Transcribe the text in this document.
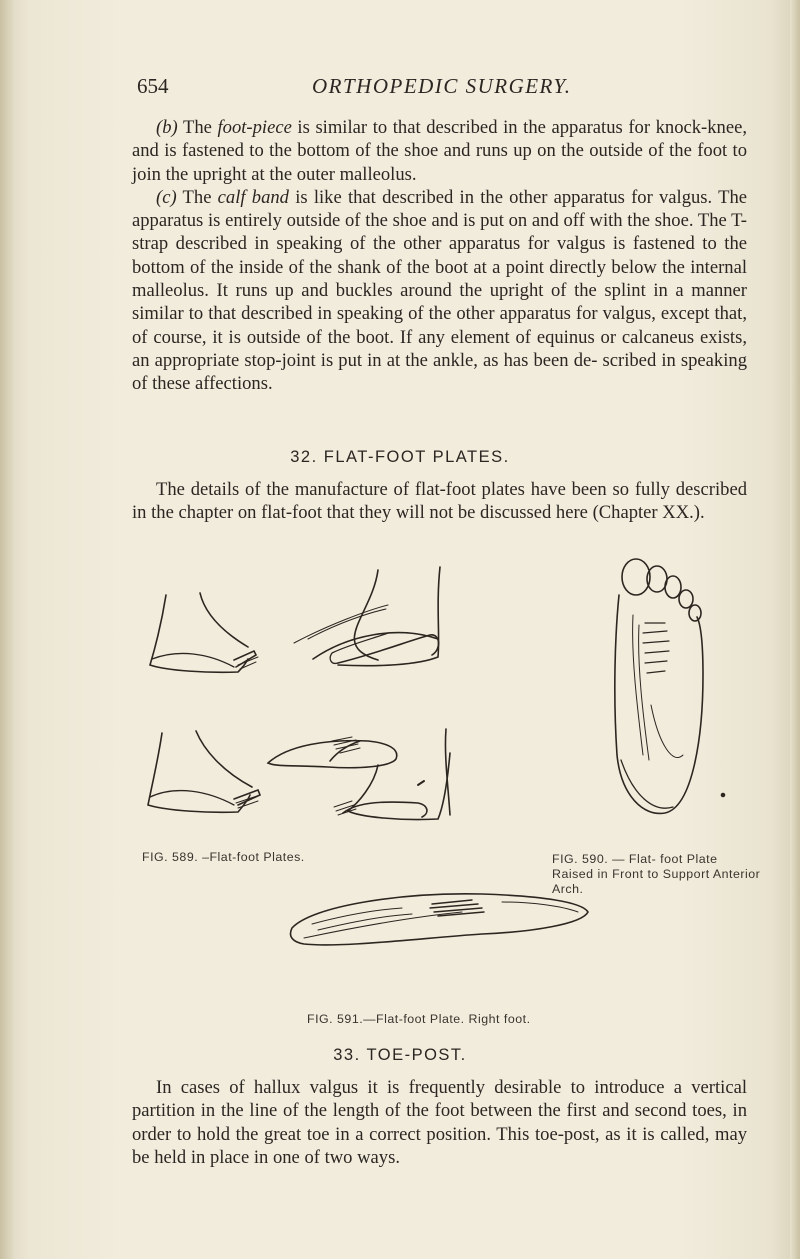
654	ORTHOPEDIC SURGERY.

(b) The foot-piece is similar to that described in the apparatus for knock-knee, and is fastened to the bottom of the shoe and runs up on the outside of the foot to join the upright at the outer malleolus.

(c) The calf band is like that described in the other apparatus for valgus. The apparatus is entirely outside of the shoe and is put on and off with the shoe. The T-strap described in speaking of the other apparatus for valgus is fastened to the bottom of the inside of the shank of the boot at a point directly below the internal malleolus. It runs up and buckles around the upright of the splint in a manner similar to that described in speaking of the other apparatus for valgus, except that, of course, it is outside of the boot. If any element of equinus or calcaneus exists, an appropriate stop-joint is put in at the ankle, as has been de- scribed in speaking of these affections.

32. FLAT-FOOT PLATES.

The details of the manufacture of flat-foot plates have been so fully described in the chapter on flat-foot that they will not be discussed here (Chapter XX.).

FIG. 589. –Flat-foot Plates.	FIG. 590. — Flat- foot Plate Raised in Front to Support Anterior Arch.
FIG. 591.—Flat-foot Plate. Right foot.
33. TOE-POST.

In cases of hallux valgus it is frequently desirable to introduce a vertical partition in the line of the length of the foot between the first and second toes, in order to hold the great toe in a correct position. This toe-post, as it is called, may be held in place in one of two ways.
